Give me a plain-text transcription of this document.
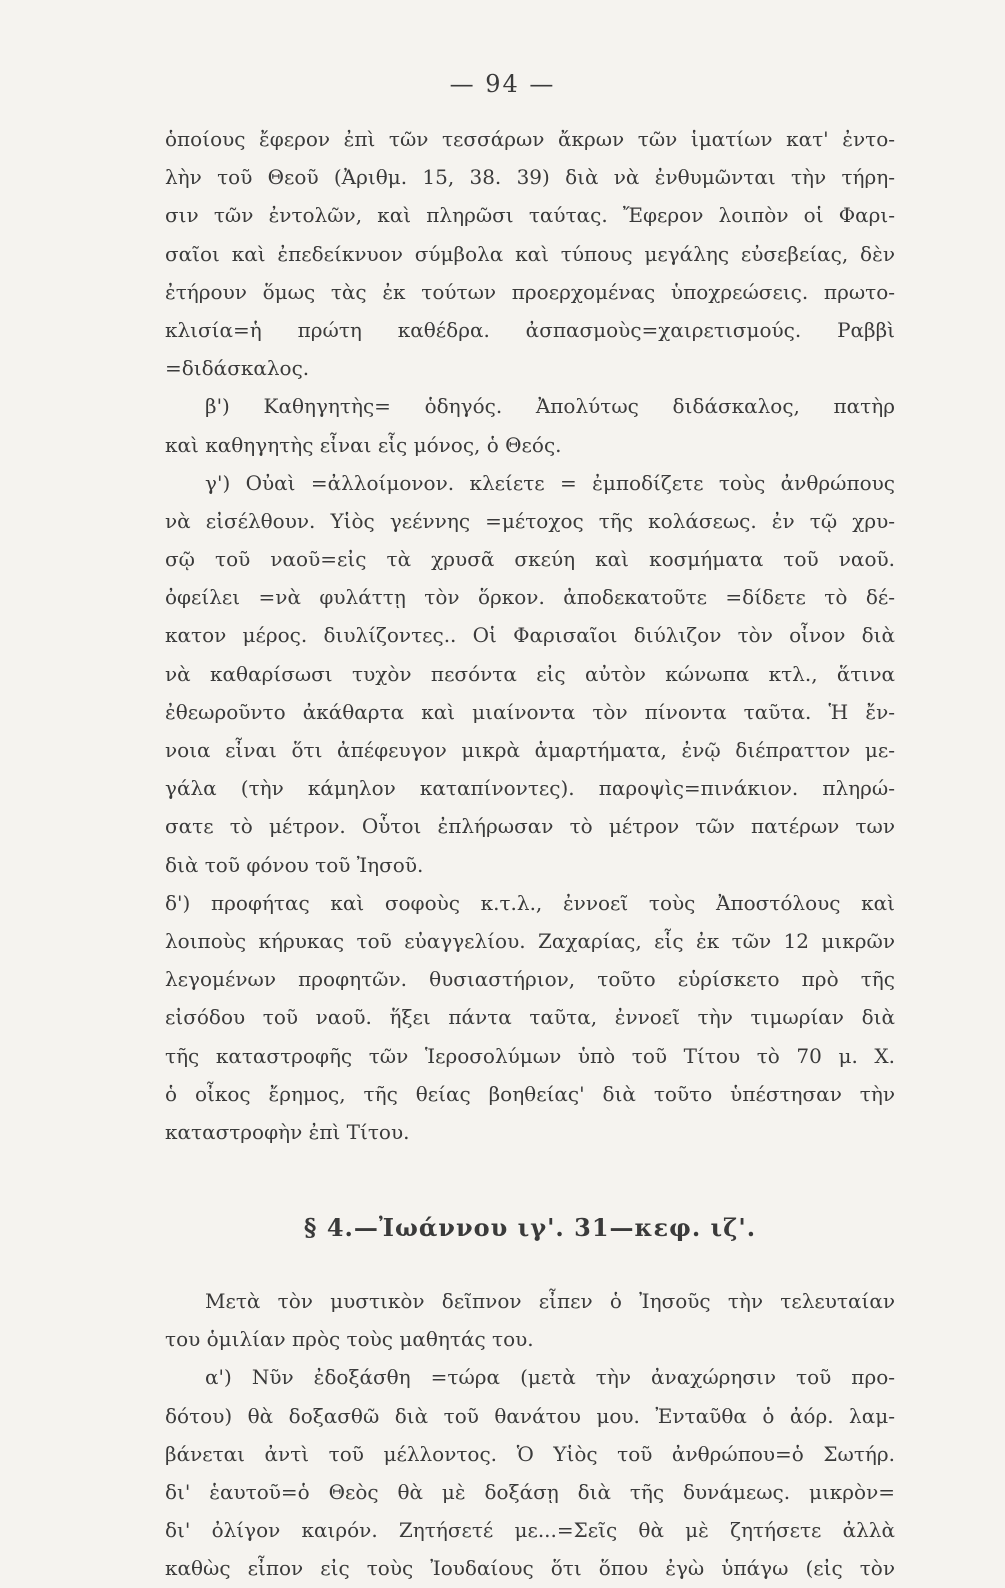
— 94 —
ὁποίους ἔφερον ἐπὶ τῶν τεσσάρων ἄκρων τῶν ἱματίων κατ' ἐντο-
λὴν τοῦ Θεοῦ (Ἀριθμ. 15, 38. 39) διὰ νὰ ἐνθυμῶνται τὴν τήρη-
σιν τῶν ἐντολῶν, καὶ πληρῶσι ταύτας. Ἔφερον λοιπὸν οἱ Φαρι-
σαῖοι καὶ ἐπεδείκνυον σύμβολα καὶ τύπους μεγάλης εὐσεβείας, δὲν
ἐτήρουν ὅμως τὰς ἐκ τούτων προερχομένας ὑποχρεώσεις. πρωτο-
κλισία=ἡ πρώτη καθέδρα. ἀσπασμοὺς=χαιρετισμούς. Ραββὶ
=διδάσκαλος.
β') Καθηγητὴς= ὁδηγός. Ἀπολύτως διδάσκαλος, πατὴρ
καὶ καθηγητὴς εἶναι εἷς μόνος, ὁ Θεός.
γ') Οὐαὶ =ἀλλοίμονον. κλείετε = ἐμποδίζετε τοὺς ἀνθρώπους
νὰ εἰσέλθουν. Υἱὸς γεέννης =μέτοχος τῆς κολάσεως. ἐν τῷ χρυ-
σῷ τοῦ ναοῦ=εἰς τὰ χρυσᾶ σκεύη καὶ κοσμήματα τοῦ ναοῦ.
ὀφείλει =νὰ φυλάττῃ τὸν ὅρκον. ἀποδεκατοῦτε =δίδετε τὸ δέ-
κατον μέρος. διυλίζοντες.. Οἱ Φαρισαῖοι διύλιζον τὸν οἶνον διὰ
νὰ καθαρίσωσι τυχὸν πεσόντα εἰς αὐτὸν κώνωπα κτλ., ἅτινα
ἐθεωροῦντο ἀκάθαρτα καὶ μιαίνοντα τὸν πίνοντα ταῦτα. Ἡ ἔν-
νοια εἶναι ὅτι ἀπέφευγον μικρὰ ἁμαρτήματα, ἐνῷ διέπραττον με-
γάλα (τὴν κάμηλον καταπίνοντες). παροψὶς=πινάκιον. πληρώ-
σατε τὸ μέτρον. Οὗτοι ἐπλήρωσαν τὸ μέτρον τῶν πατέρων των
διὰ τοῦ φόνου τοῦ Ἰησοῦ.
δ') προφήτας καὶ σοφοὺς κ.τ.λ., ἐννοεῖ τοὺς Ἀποστόλους καὶ
λοιποὺς κήρυκας τοῦ εὐαγγελίου. Ζαχαρίας, εἷς ἐκ τῶν 12 μικρῶν
λεγομένων προφητῶν. θυσιαστήριον, τοῦτο εὑρίσκετο πρὸ τῆς
εἰσόδου τοῦ ναοῦ. ἥξει πάντα ταῦτα, ἐννοεῖ τὴν τιμωρίαν διὰ
τῆς καταστροφῆς τῶν Ἱεροσολύμων ὑπὸ τοῦ Τίτου τὸ 70 μ. Χ.
ὁ οἶκος ἔρημος, τῆς θείας βοηθείας' διὰ τοῦτο ὑπέστησαν τὴν
καταστροφὴν ἐπὶ Τίτου.
§ 4.—Ἰωάννου ιγ'. 31—κεφ. ιζ'.
Μετὰ τὸν μυστικὸν δεῖπνον εἶπεν ὁ Ἰησοῦς τὴν τελευταίαν
του ὁμιλίαν πρὸς τοὺς μαθητάς του.
α') Νῦν ἐδοξάσθη =τώρα (μετὰ τὴν ἀναχώρησιν τοῦ προ-
δότου) θὰ δοξασθῶ διὰ τοῦ θανάτου μου. Ἐνταῦθα ὁ ἀόρ. λαμ-
βάνεται ἀντὶ τοῦ μέλλοντος. Ὁ Υἱὸς τοῦ ἀνθρώπου=ὁ Σωτήρ.
δι' ἑαυτοῦ=ὁ Θεὸς θὰ μὲ δοξάσῃ διὰ τῆς δυνάμεως. μικρὸν=
δι' ὀλίγον καιρόν. Ζητήσετέ με...=Σεῖς θὰ μὲ ζητήσετε ἀλλὰ
καθὼς εἶπον εἰς τοὺς Ἰουδαίους ὅτι ὅπου ἐγὼ ὑπάγω (εἰς τὸν
